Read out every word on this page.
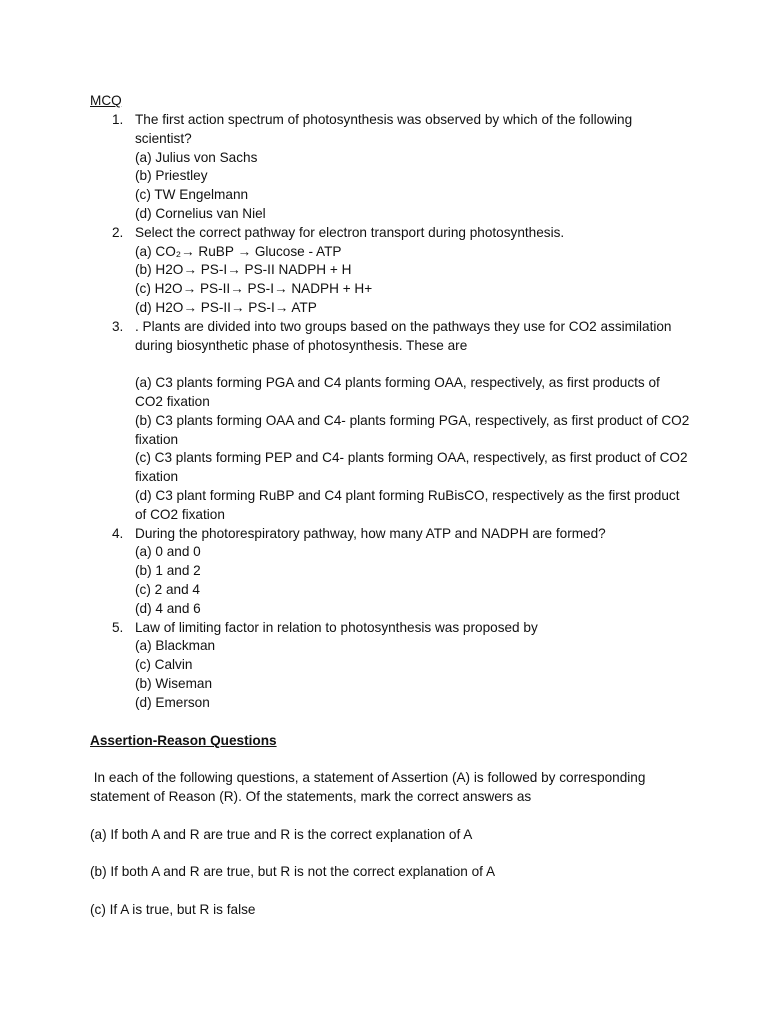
MCQ
1. The first action spectrum of photosynthesis was observed by which of the following scientist?
(a) Julius von Sachs
(b) Priestley
(c) TW Engelmann
(d) Cornelius van Niel
2. Select the correct pathway for electron transport during photosynthesis.
(a) CO₂→ RuBP → Glucose - ATP
(b) H2O→ PS-I→ PS-II NADPH + H
(c) H2O→ PS-II→ PS-I→ NADPH + H+
(d) H2O→ PS-II→ PS-I→ ATP
3. . Plants are divided into two groups based on the pathways they use for CO2 assimilation during biosynthetic phase of photosynthesis. These are
(a) C3 plants forming PGA and C4 plants forming OAA, respectively, as first products of CO2 fixation
(b) C3 plants forming OAA and C4- plants forming PGA, respectively, as first product of CO2 fixation
(c) C3 plants forming PEP and C4- plants forming OAA, respectively, as first product of CO2 fixation
(d) C3 plant forming RuBP and C4 plant forming RuBisCO, respectively as the first product of CO2 fixation
4. During the photorespiratory pathway, how many ATP and NADPH are formed?
(a) 0 and 0
(b) 1 and 2
(c) 2 and 4
(d) 4 and 6
5. Law of limiting factor in relation to photosynthesis was proposed by
(a) Blackman
(c) Calvin
(b) Wiseman
(d) Emerson
Assertion-Reason Questions
In each of the following questions, a statement of Assertion (A) is followed by corresponding statement of Reason (R). Of the statements, mark the correct answers as
(a) If both A and R are true and R is the correct explanation of A
(b) If both A and R are true, but R is not the correct explanation of A
(c) If A is true, but R is false
